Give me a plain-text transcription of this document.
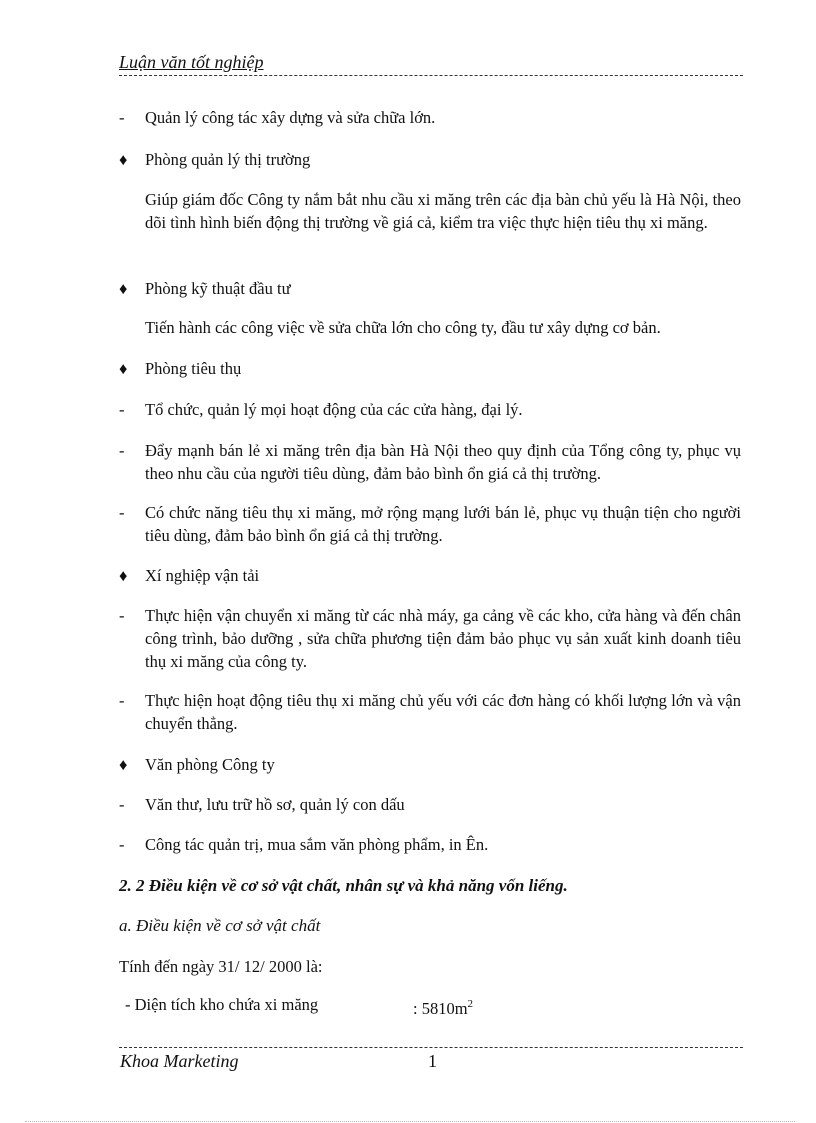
Luận văn tốt nghiệp
-	Quản lý công tác xây dựng và sửa chữa lớn.
♦	Phòng quản lý thị trường
Giúp giám đốc Công ty nắm bắt nhu cầu xi măng trên các địa bàn chủ yếu là Hà Nội, theo dõi tình hình biến động thị trường về giá cả, kiểm tra việc thực hiện tiêu thụ xi măng.
♦	Phòng kỹ thuật đầu tư
Tiến hành các công việc về sửa chữa lớn cho công ty, đầu tư xây dựng cơ bản.
♦	Phòng tiêu thụ
-	Tổ chức, quản lý mọi hoạt động của các cửa hàng, đại lý.
-	Đẩy mạnh bán lẻ xi măng trên địa bàn Hà Nội theo quy định của Tổng công ty, phục vụ theo nhu cầu của người tiêu dùng, đảm bảo bình ổn giá cả thị trường.
-	Có chức năng tiêu thụ xi măng, mở rộng mạng lưới bán lẻ, phục vụ thuận tiện cho người tiêu dùng, đảm bảo bình ổn giá cả thị trường.
♦	Xí nghiệp vận tải
-	Thực hiện vận chuyển xi măng từ các nhà máy, ga cảng về các kho, cửa hàng và đến chân công trình, bảo dưỡng , sửa chữa phương tiện đảm bảo phục vụ sản xuất kinh doanh tiêu thụ xi măng của công ty.
-	Thực hiện hoạt động tiêu thụ xi măng chủ yếu với các đơn hàng có khối lượng lớn và vận chuyển thẳng.
♦	Văn phòng Công ty
-	Văn thư, lưu trữ hồ sơ, quản lý con dấu
-	Công tác quản trị, mua sắm văn phòng phẩm, in Ên.
2. 2 Điều kiện về cơ sở vật chất, nhân sự và khả năng vốn liếng.
a. Điều kiện về cơ sở vật chất
Tính đến ngày 31/ 12/ 2000 là:
- Diện tích kho chứa xi măng	: $5810m^2$
Khoa Marketing	1
